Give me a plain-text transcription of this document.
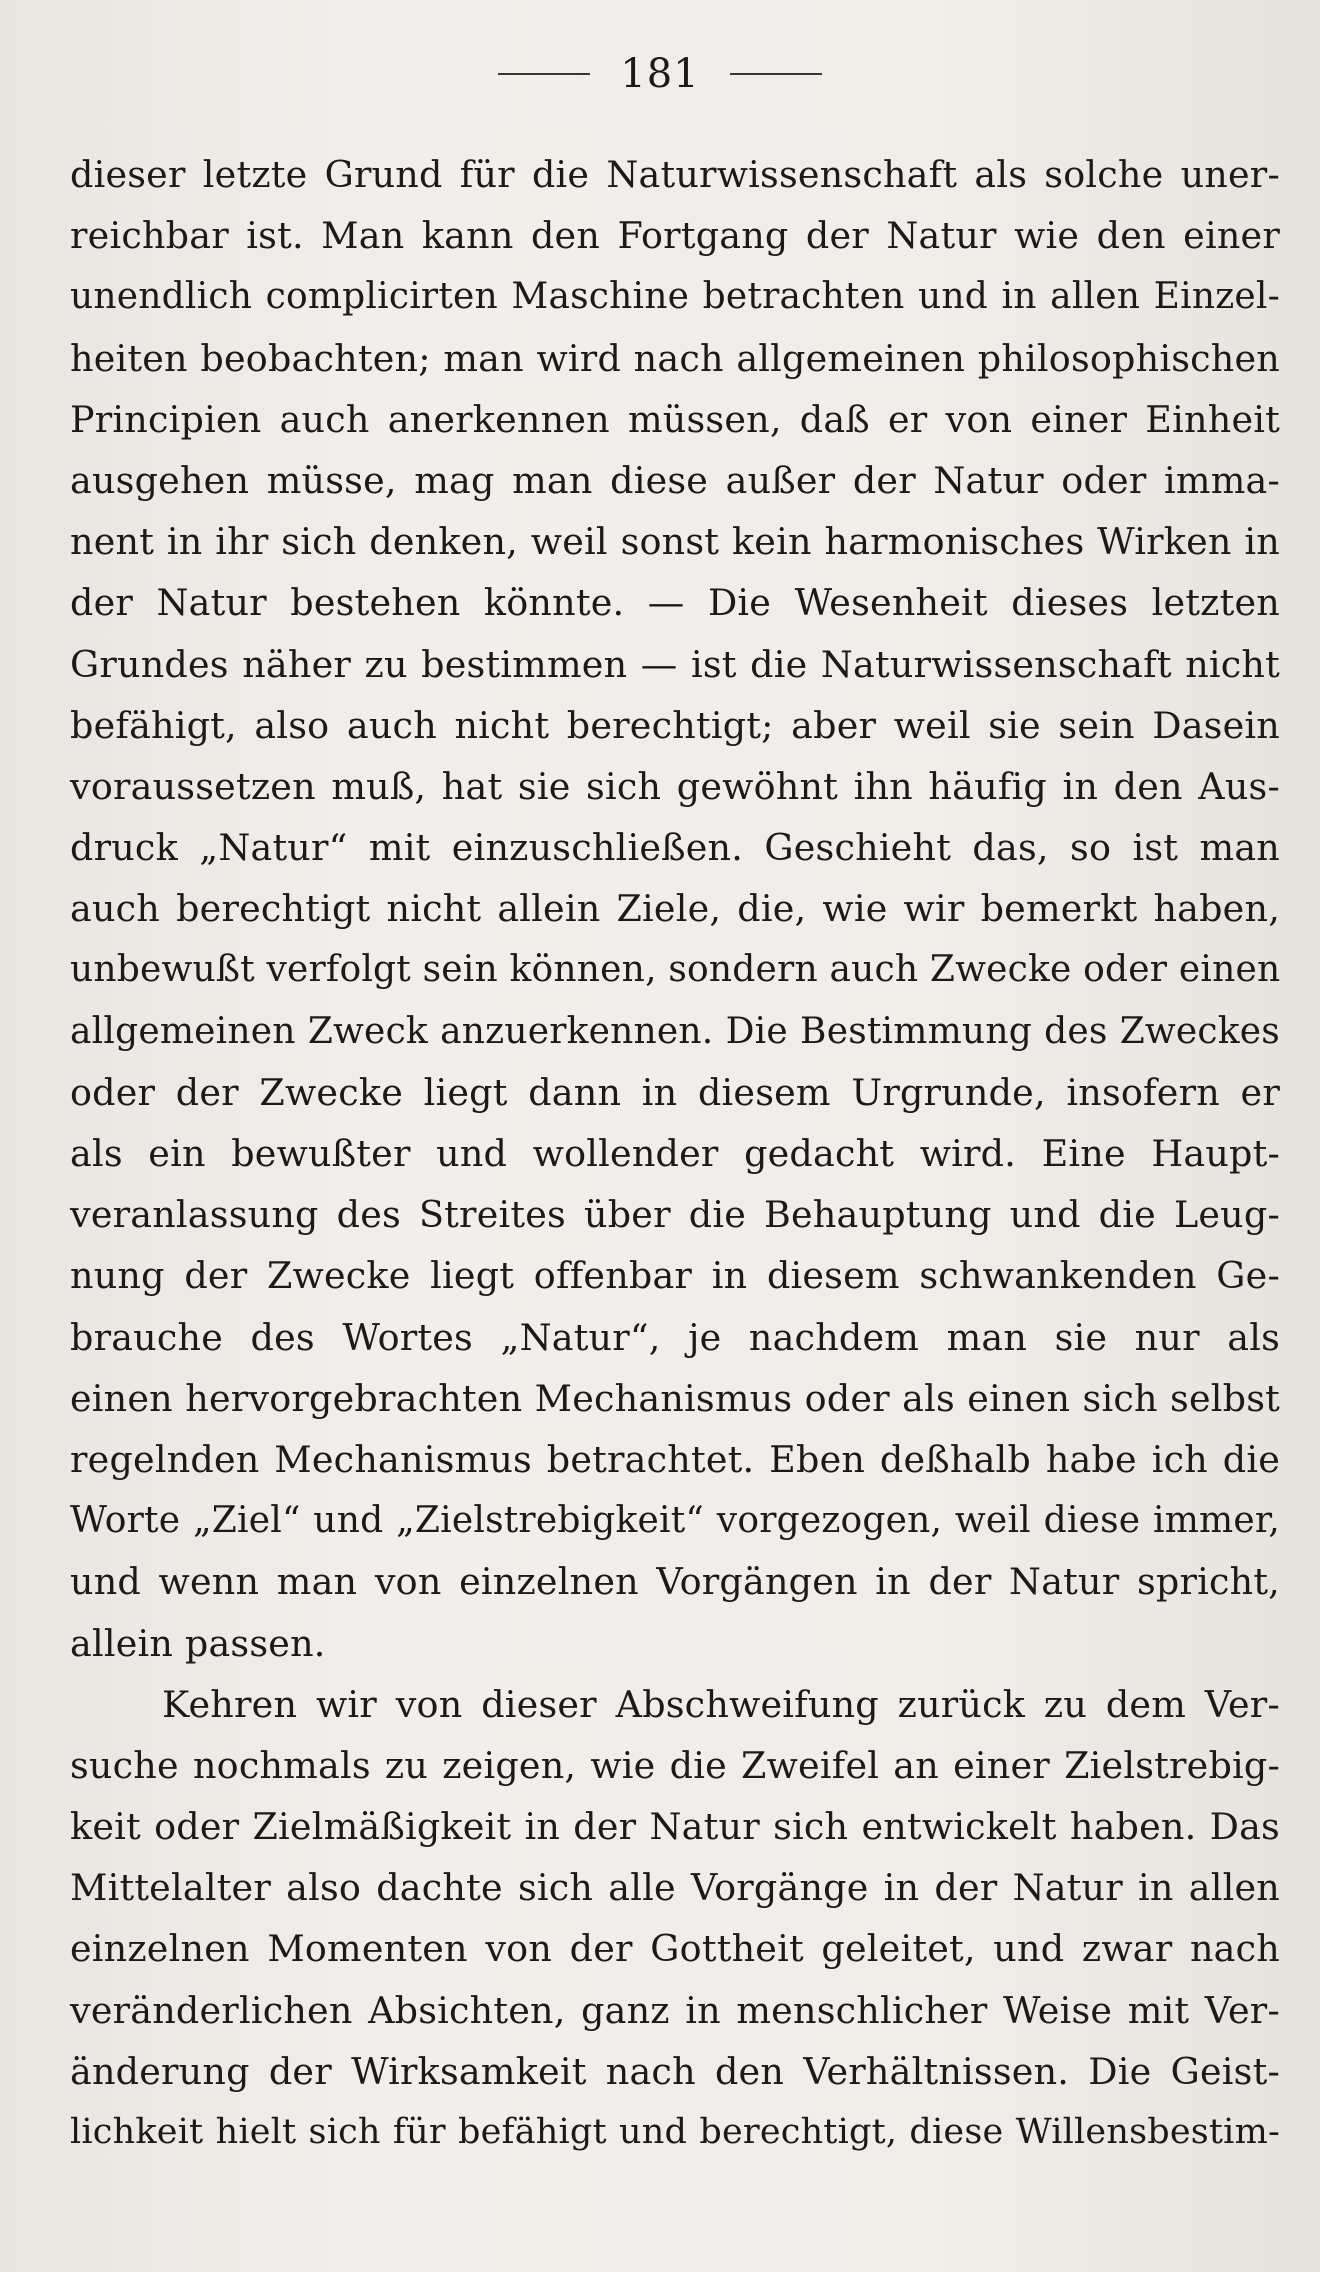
181
dieser letzte Grund für die Naturwissenschaft als solche uner-
reichbar ist. Man kann den Fortgang der Natur wie den einer
unendlich complicirten Maschine betrachten und in allen Einzel-
heiten beobachten; man wird nach allgemeinen philosophischen
Principien auch anerkennen müssen, daß er von einer Einheit
ausgehen müsse, mag man diese außer der Natur oder imma-
nent in ihr sich denken, weil sonst kein harmonisches Wirken in
der Natur bestehen könnte. — Die Wesenheit dieses letzten
Grundes näher zu bestimmen — ist die Naturwissenschaft nicht
befähigt, also auch nicht berechtigt; aber weil sie sein Dasein
voraussetzen muß, hat sie sich gewöhnt ihn häufig in den Aus-
druck „Natur“ mit einzuschließen. Geschieht das, so ist man
auch berechtigt nicht allein Ziele, die, wie wir bemerkt haben,
unbewußt verfolgt sein können, sondern auch Zwecke oder einen
allgemeinen Zweck anzuerkennen. Die Bestimmung des Zweckes
oder der Zwecke liegt dann in diesem Urgrunde, insofern er
als ein bewußter und wollender gedacht wird. Eine Haupt-
veranlassung des Streites über die Behauptung und die Leug-
nung der Zwecke liegt offenbar in diesem schwankenden Ge-
brauche des Wortes „Natur“, je nachdem man sie nur als
einen hervorgebrachten Mechanismus oder als einen sich selbst
regelnden Mechanismus betrachtet. Eben deßhalb habe ich die
Worte „Ziel“ und „Zielstrebigkeit“ vorgezogen, weil diese immer,
und wenn man von einzelnen Vorgängen in der Natur spricht,
allein passen.
Kehren wir von dieser Abschweifung zurück zu dem Ver-
suche nochmals zu zeigen, wie die Zweifel an einer Zielstrebig-
keit oder Zielmäßigkeit in der Natur sich entwickelt haben. Das
Mittelalter also dachte sich alle Vorgänge in der Natur in allen
einzelnen Momenten von der Gottheit geleitet, und zwar nach
veränderlichen Absichten, ganz in menschlicher Weise mit Ver-
änderung der Wirksamkeit nach den Verhältnissen. Die Geist-
lichkeit hielt sich für befähigt und berechtigt, diese Willensbestim-
